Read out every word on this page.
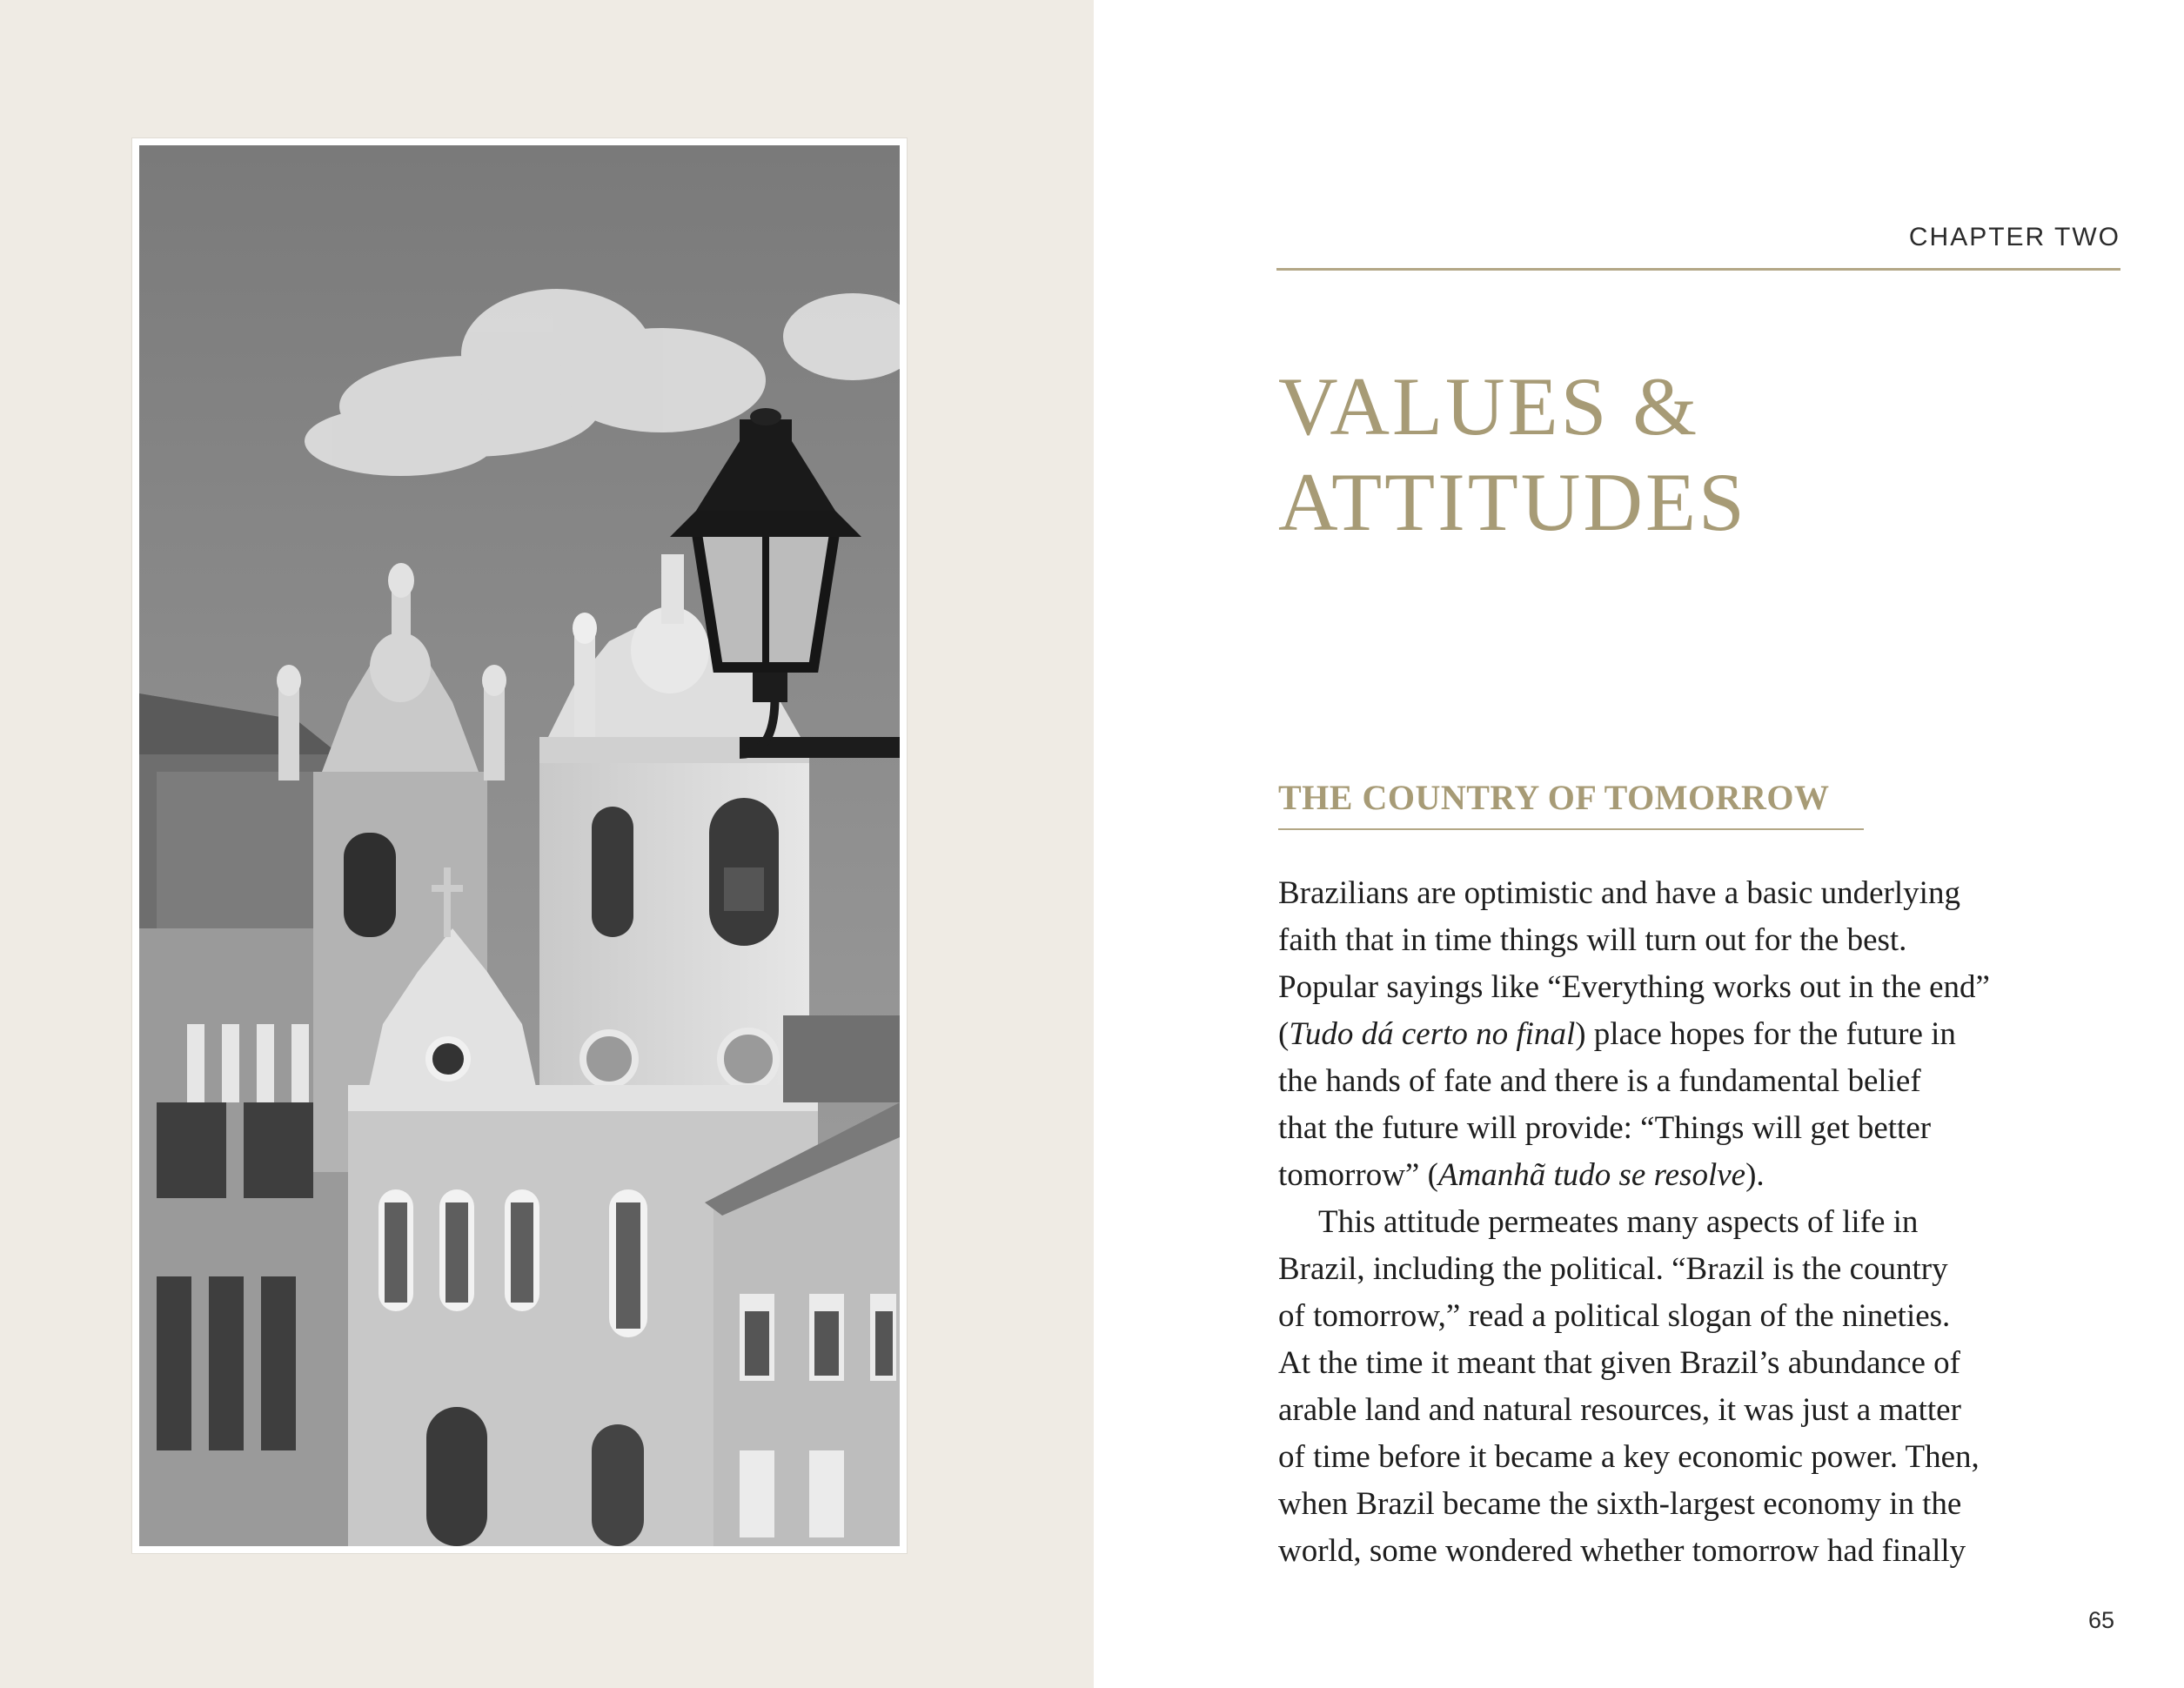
CHAPTER TWO
VALUES &
ATTITUDES
THE COUNTRY OF TOMORROW
Brazilians are optimistic and have a basic underlying
faith that in time things will turn out for the best.
Popular sayings like “Everything works out in the end”
(Tudo dá certo no final) place hopes for the future in
the hands of fate and there is a fundamental belief
that the future will provide: “Things will get better
tomorrow” (Amanhã tudo se resolve).
This attitude permeates many aspects of life in
Brazil, including the political. “Brazil is the country
of tomorrow,” read a political slogan of the nineties.
At the time it meant that given Brazil’s abundance of
arable land and natural resources, it was just a matter
of time before it became a key economic power. Then,
when Brazil became the sixth-largest economy in the
world, some wondered whether tomorrow had finally
65
